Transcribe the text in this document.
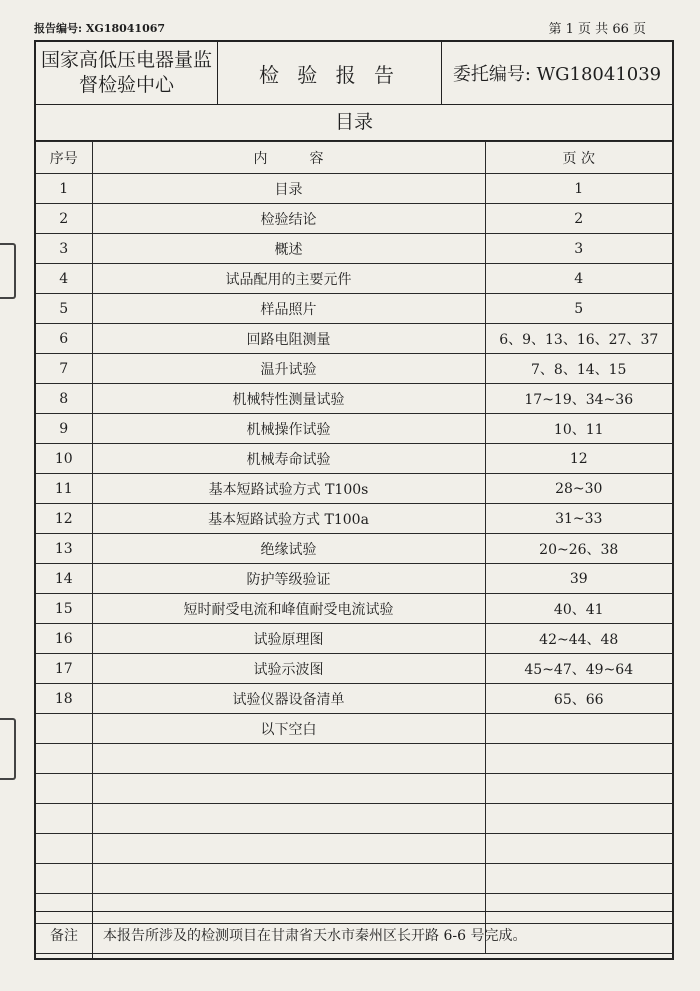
报告编号: XG18041067	第 1 页 共 66 页
国家高低压电器量监督检验中心	检 验 报 告	委托编号: WG18041039
目录
序号	内　　　容	页 次
1	目录	1
2	检验结论	2
3	概述	3
4	试品配用的主要元件	4
5	样品照片	5
6	回路电阻测量	6、9、13、16、27、37
7	温升试验	7、8、14、15
8	机械特性测量试验	17~19、34~36
9	机械操作试验	10、11
10	机械寿命试验	12
11	基本短路试验方式 T100s	28~30
12	基本短路试验方式 T100a	31~33
13	绝缘试验	20~26、38
14	防护等级验证	39
15	短时耐受电流和峰值耐受电流试验	40、41
16	试验原理图	42~44、48
17	试验示波图	45~47、49~64
18	试验仪器设备清单	65、66
	以下空白	

备注	本报告所涉及的检测项目在甘肃省天水市秦州区长开路 6-6 号完成。
